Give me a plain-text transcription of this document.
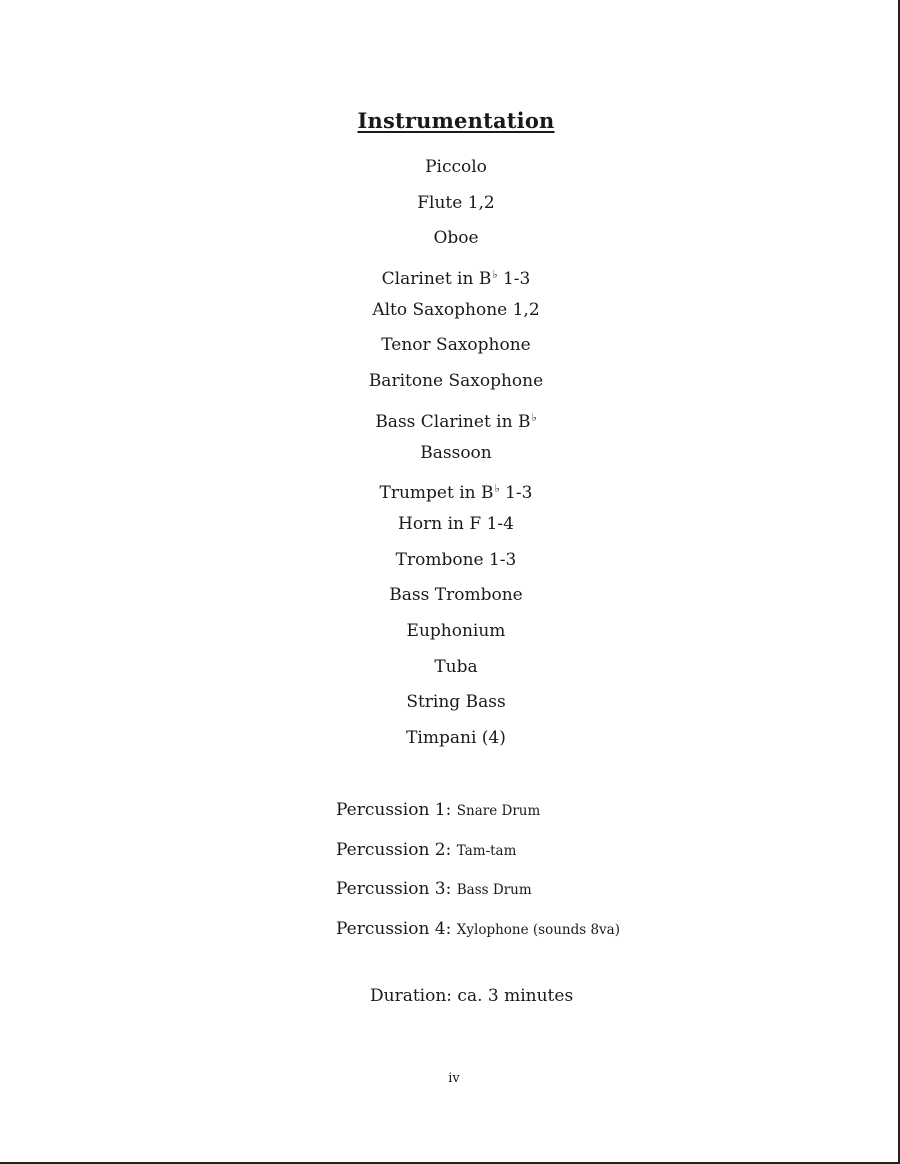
Instrumentation
Piccolo
Flute 1,2
Oboe
Clarinet in B♭ 1-3
Alto Saxophone 1,2
Tenor Saxophone
Baritone Saxophone
Bass Clarinet in B♭
Bassoon
Trumpet in B♭ 1-3
Horn in F 1-4
Trombone 1-3
Bass Trombone
Euphonium
Tuba
String Bass
Timpani (4)
Percussion 1: Snare Drum
Percussion 2: Tam-tam
Percussion 3: Bass Drum
Percussion 4: Xylophone (sounds 8va)
Duration: ca. 3 minutes
iv
